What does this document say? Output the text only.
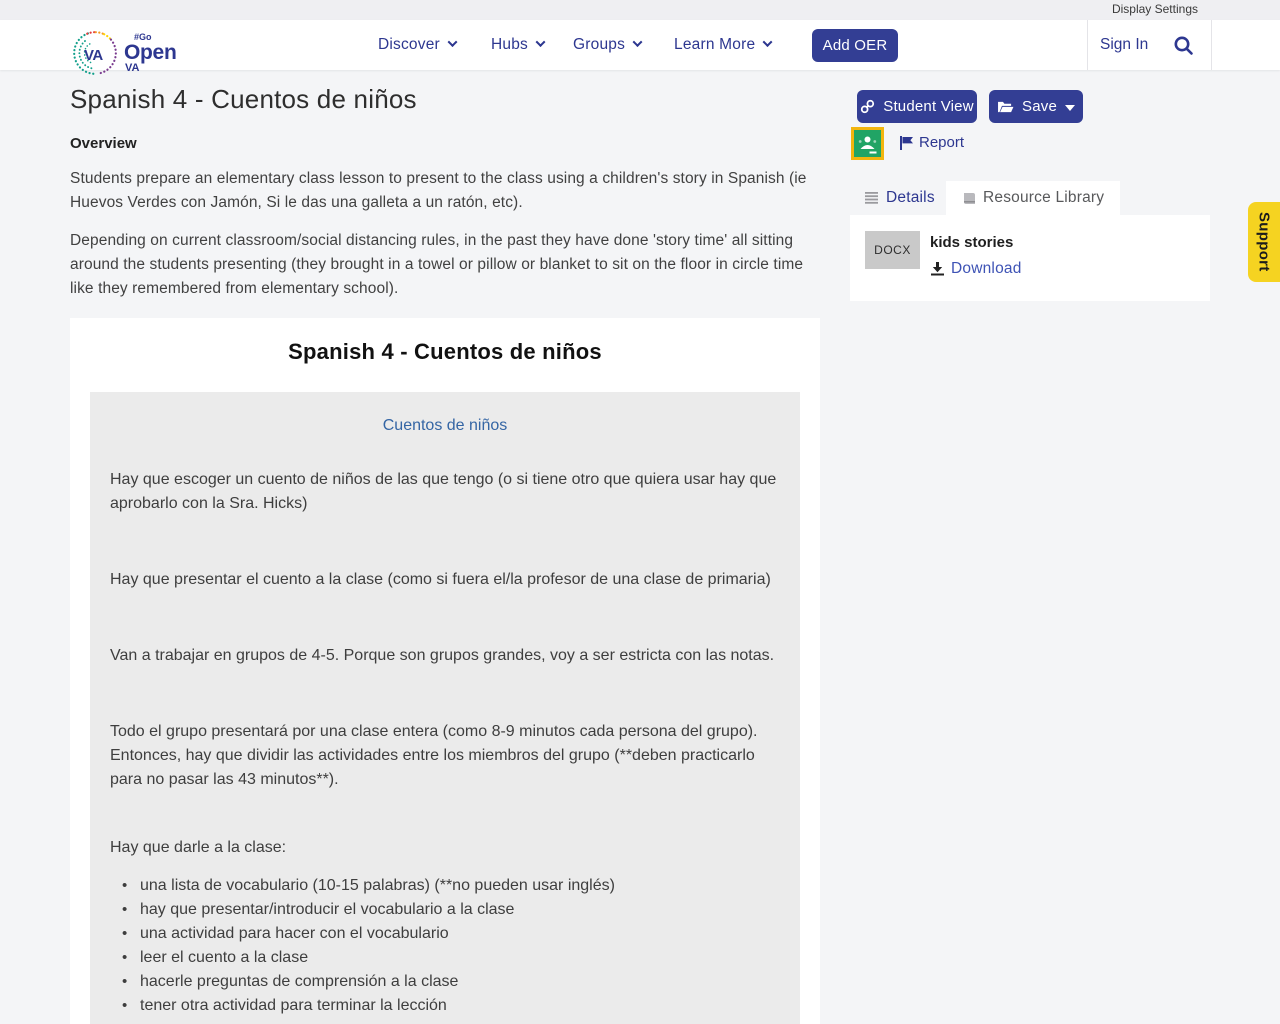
Display Settings
VA
#Go
Open
VA
Discover	Hubs	Groups	Learn More	Add OER	Sign In
Spanish 4 - Cuentos de niños
Overview

Students prepare an elementary class lesson to present to the class using a children's story in Spanish (ie Huevos Verdes con Jamón, Si le das una galleta a un ratón, etc).

Depending on current classroom/social distancing rules, in the past they have done 'story time' all sitting around the students presenting (they brought in a towel or pillow or blanket to sit on the floor in circle time like they remembered from elementary school).

Student View	Save
Report
Details	Resource Library
DOCX	kids stories
Download	Support
Spanish 4 - Cuentos de niños
Cuentos de niños

Hay que escoger un cuento de niños de las que tengo (o si tiene otro que quiera usar hay que aprobarlo con la Sra. Hicks)

Hay que presentar el cuento a la clase (como si fuera el/la profesor de una clase de primaria)

Van a trabajar en grupos de 4-5. Porque son grupos grandes, voy a ser estricta con las notas.

Todo el grupo presentará por una clase entera (como 8-9 minutos cada persona del grupo). Entonces, hay que dividir las actividades entre los miembros del grupo (**deben practicarlo para no pasar las 43 minutos**).

Hay que darle a la clase:

• una lista de vocabulario (10-15 palabras) (**no pueden usar inglés)
• hay que presentar/introducir el vocabulario a la clase
• una actividad para hacer con el vocabulario
• leer el cuento a la clase
• hacerle preguntas de comprensión a la clase
• tener otra actividad para terminar la lección
